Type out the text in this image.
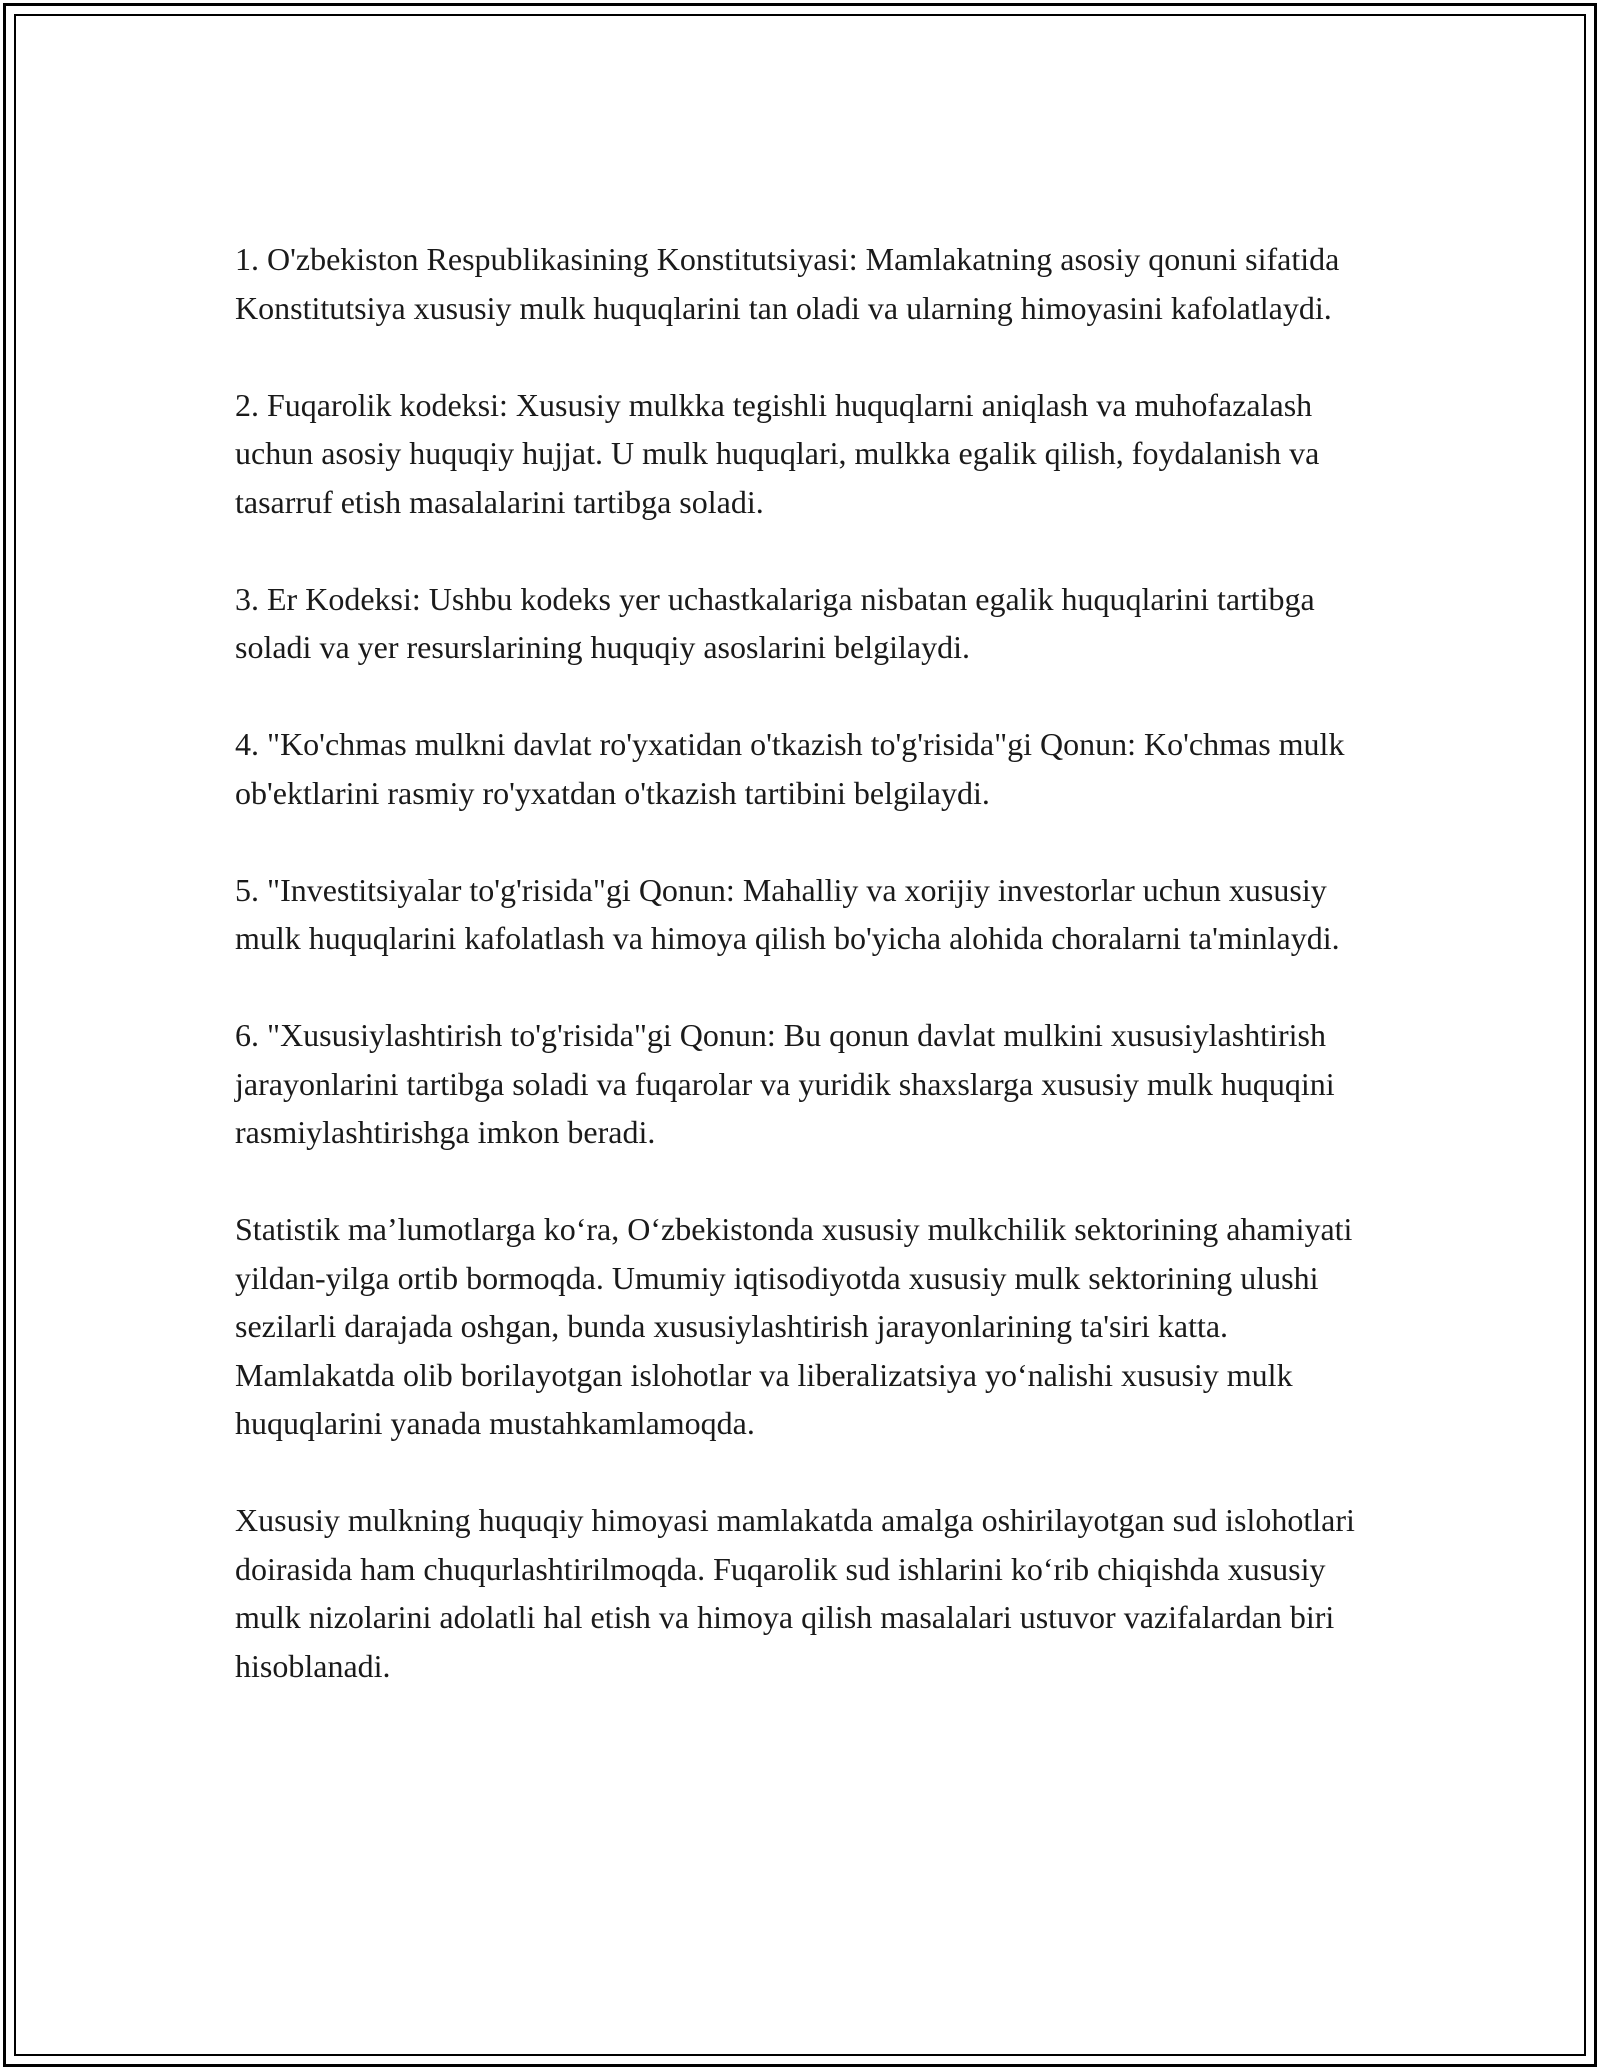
1. O'zbekiston Respublikasining Konstitutsiyasi: Mamlakatning asosiy qonuni sifatida Konstitutsiya xususiy mulk huquqlarini tan oladi va ularning himoyasini kafolatlaydi.

2. Fuqarolik kodeksi: Xususiy mulkka tegishli huquqlarni aniqlash va muhofazalash uchun asosiy huquqiy hujjat. U mulk huquqlari, mulkka egalik qilish, foydalanish va tasarruf etish masalalarini tartibga soladi.

3. Er Kodeksi: Ushbu kodeks yer uchastkalariga nisbatan egalik huquqlarini tartibga soladi va yer resurslarining huquqiy asoslarini belgilaydi.

4. "Ko'chmas mulkni davlat ro'yxatidan o'tkazish to'g'risida"gi Qonun: Ko'chmas mulk ob'ektlarini rasmiy ro'yxatdan o'tkazish tartibini belgilaydi.

5. "Investitsiyalar to'g'risida"gi Qonun: Mahalliy va xorijiy investorlar uchun xususiy mulk huquqlarini kafolatlash va himoya qilish bo'yicha alohida choralarni ta'minlaydi.

6. "Xususiylashtirish to'g'risida"gi Qonun: Bu qonun davlat mulkini xususiylashtirish jarayonlarini tartibga soladi va fuqarolar va yuridik shaxslarga xususiy mulk huquqini rasmiylashtirishga imkon beradi.

Statistik ma’lumotlarga ko‘ra, O‘zbekistonda xususiy mulkchilik sektorining ahamiyati yildan-yilga ortib bormoqda. Umumiy iqtisodiyotda xususiy mulk sektorining ulushi sezilarli darajada oshgan, bunda xususiylashtirish jarayonlarining ta'siri katta. Mamlakatda olib borilayotgan islohotlar va liberalizatsiya yo‘nalishi xususiy mulk huquqlarini yanada mustahkamlamoqda.

Xususiy mulkning huquqiy himoyasi mamlakatda amalga oshirilayotgan sud islohotlari doirasida ham chuqurlashtirilmoqda. Fuqarolik sud ishlarini ko‘rib chiqishda xususiy mulk nizolarini adolatli hal etish va himoya qilish masalalari ustuvor vazifalardan biri hisoblanadi.
